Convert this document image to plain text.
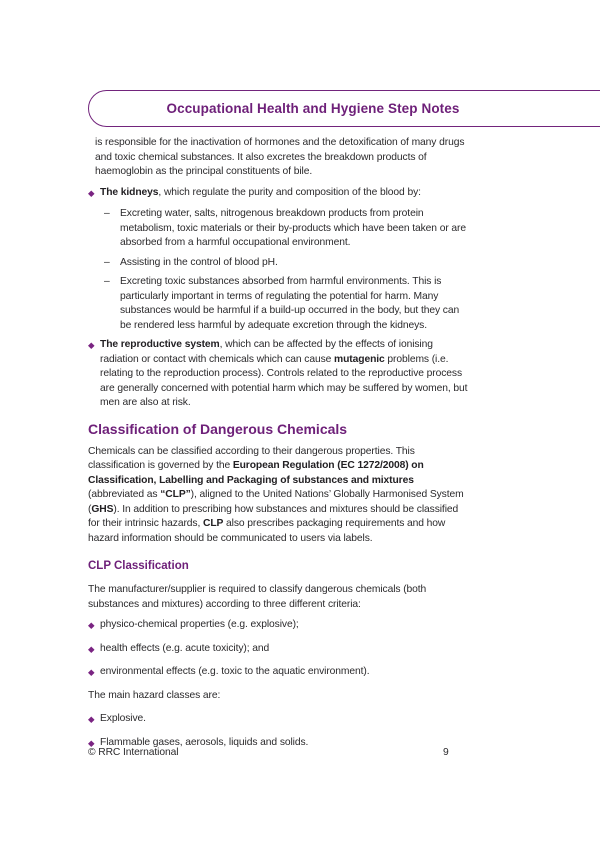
Occupational Health and Hygiene Step Notes

is responsible for the inactivation of hormones and the detoxification of many drugs and toxic chemical substances. It also excretes the breakdown products of haemoglobin as the principal constituents of bile.

◆ The kidneys, which regulate the purity and composition of the blood by:
–	Excreting water, salts, nitrogenous breakdown products from protein metabolism, toxic materials or their by-products which have been taken or are absorbed from a harmful occupational environment.
–	Assisting in the control of blood pH.
–	Excreting toxic substances absorbed from harmful environments. This is particularly important in terms of regulating the potential for harm. Many substances would be harmful if a build-up occurred in the body, but they can be rendered less harmful by adequate excretion through the kidneys.
◆ The reproductive system, which can be affected by the effects of ionising radiation or contact with chemicals which can cause mutagenic problems (i.e. relating to the reproduction process). Controls related to the reproductive process are generally concerned with potential harm which may be suffered by women, but men are also at risk.
Classification of Dangerous Chemicals

Chemicals can be classified according to their dangerous properties. This classification is governed by the European Regulation (EC 1272/2008) on Classification, Labelling and Packaging of substances and mixtures (abbreviated as “CLP”), aligned to the United Nations’ Globally Harmonised System (GHS). In addition to prescribing how substances and mixtures should be classified for their intrinsic hazards, CLP also prescribes packaging requirements and how hazard information should be communicated to users via labels.

CLP Classification

The manufacturer/supplier is required to classify dangerous chemicals (both substances and mixtures) according to three different criteria:

◆ physico-chemical properties (e.g. explosive);
◆ health effects (e.g. acute toxicity); and
◆ environmental effects (e.g. toxic to the aquatic environment).

The main hazard classes are:

◆ Explosive.
◆ Flammable gases, aerosols, liquids and solids.
© RRC International	9
